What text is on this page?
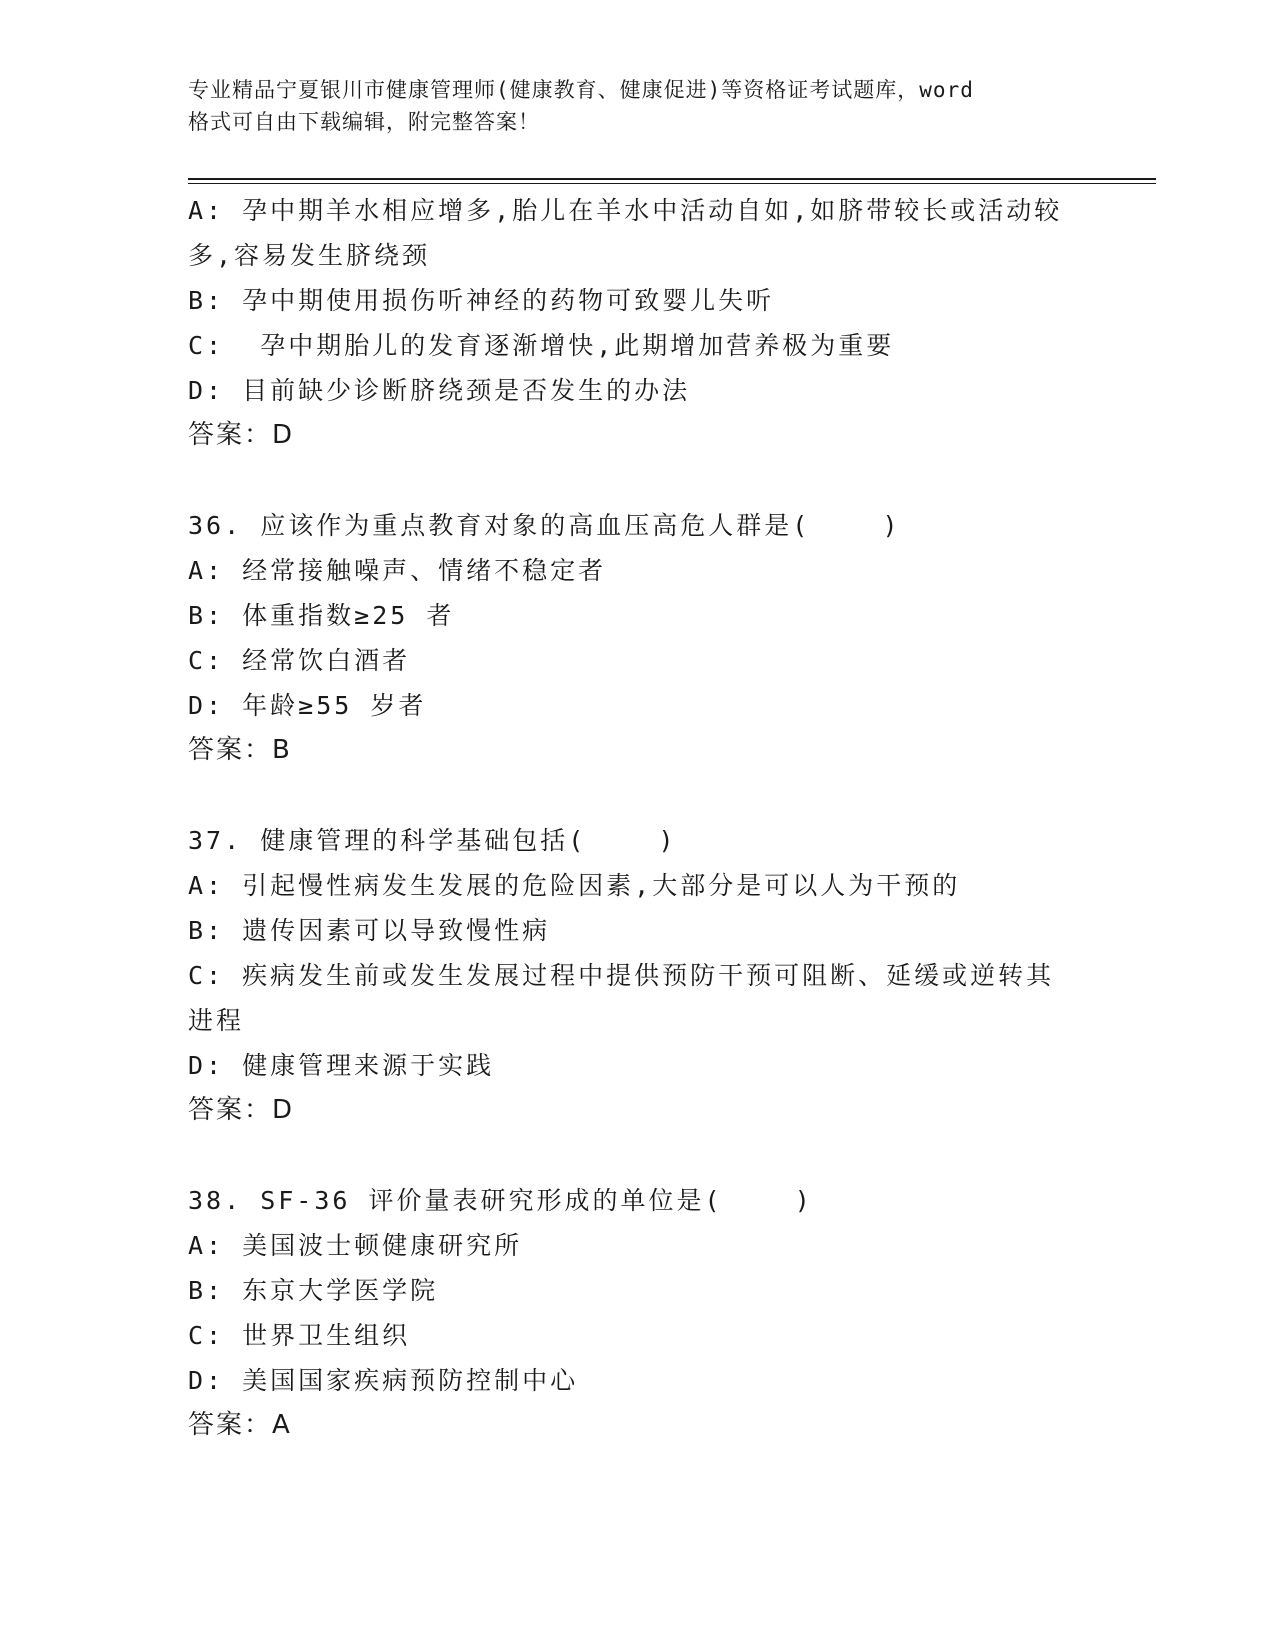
专业精品宁夏银川市健康管理师(健康教育、健康促进)等资格证考试题库，word
格式可自由下载编辑，附完整答案！
A: 孕中期羊水相应增多,胎儿在羊水中活动自如,如脐带较长或活动较
多,容易发生脐绕颈
B: 孕中期使用损伤听神经的药物可致婴儿失听
C:  孕中期胎儿的发育逐渐增快,此期增加营养极为重要
D: 目前缺少诊断脐绕颈是否发生的办法
答案：D
36. 应该作为重点教育对象的高血压高危人群是(    )
A: 经常接触噪声、情绪不稳定者
B: 体重指数≥25 者
C: 经常饮白酒者
D: 年龄≥55 岁者
答案：B
37. 健康管理的科学基础包括(    )
A: 引起慢性病发生发展的危险因素,大部分是可以人为干预的
B: 遗传因素可以导致慢性病
C: 疾病发生前或发生发展过程中提供预防干预可阻断、延缓或逆转其
进程
D: 健康管理来源于实践
答案：D
38. SF-36 评价量表研究形成的单位是(    )
A: 美国波士顿健康研究所
B: 东京大学医学院
C: 世界卫生组织
D: 美国国家疾病预防控制中心
答案：A
